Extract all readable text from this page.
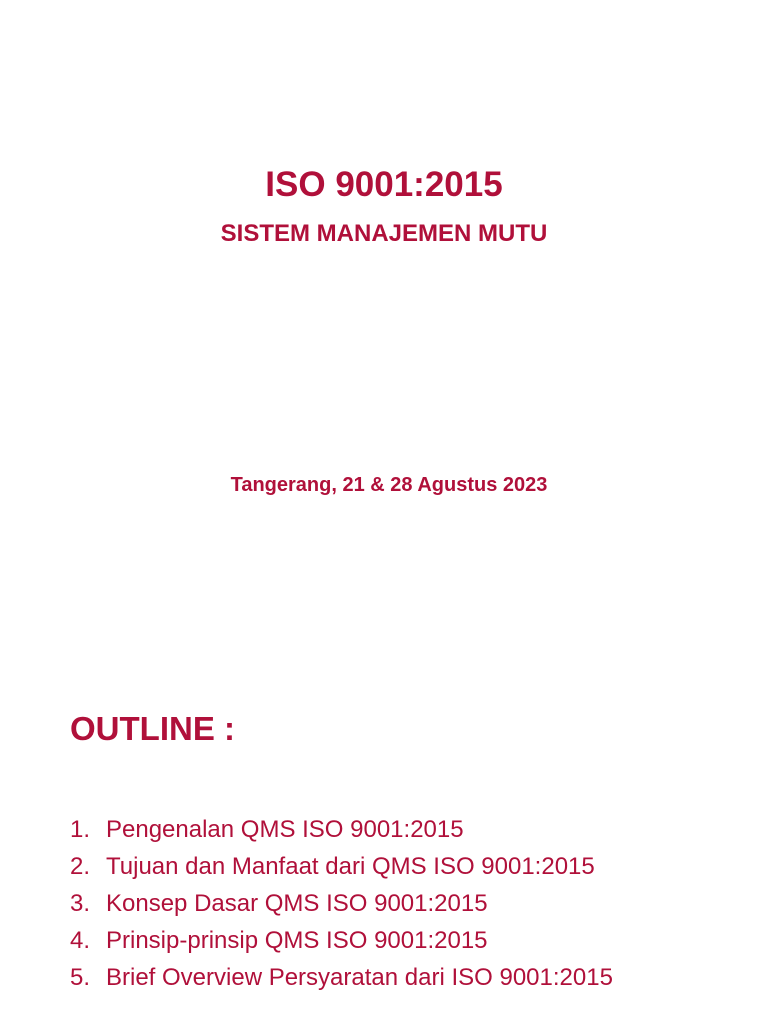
ISO 9001:2015
SISTEM MANAJEMEN MUTU

Tangerang, 21 & 28 Agustus 2023

OUTLINE :
1. Pengenalan QMS ISO 9001:2015
2. Tujuan dan Manfaat dari QMS ISO 9001:2015
3. Konsep Dasar QMS ISO 9001:2015
4. Prinsip-prinsip QMS ISO 9001:2015
5. Brief Overview Persyaratan dari ISO 9001:2015
